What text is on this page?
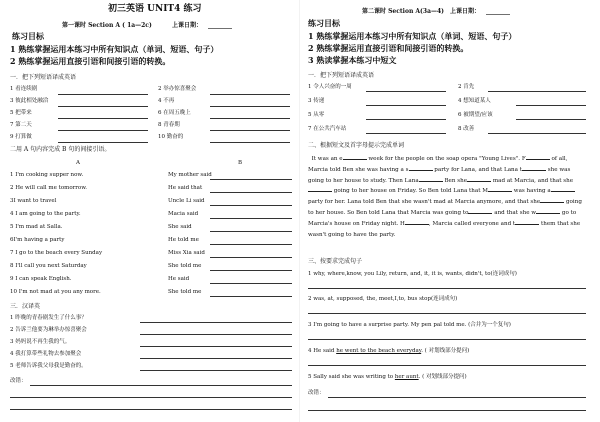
初三英语 UNIT4 练习
第一课时 Section A ( 1a—2c)	上课日期： ________
练习目标
1 熟练掌握运用本练习中所有知识点（单词、短语、句子）
2 熟练掌握运用直接引语和间接引语的转换。
一．把下列短语译成英语
1 看连续剧	2 举办惊喜聚会
3 彼此相处融洽	4 不再
5 把带来	6 在周五晚上
7 第二天	8 青春期
9 打算做	10 勤奋的
二用 A 句内容完成 B 句的间接引语。
A	B
1 I'm cooking supper now.	My mother said
2 He will call me tomorrow.	He said that
3I want to travel	Uncle Li said
4 I am going to the party.	Macia said
5 I'm mad at Salla.	She said
6I'm having a party	He told me
7 I go to the beach every Sunday	Miss Xia said
8 I'll call you next Saturday	She told me
9 I can speak English.	He said
10 I'm not mad at you any more.	She told me
三．汉译英
1 昨晚的青春剧发生了什么事？
2 告诉兰他要为琳举办惊喜聚会
3 妈妈说不再生我的气。
4 我打算带些礼物去参加聚会
5 老师告诉我父母我是勤奋的。
改错：
第二课时 Section A(3a—4) 上课日期： ________
练习目标
1 熟练掌握运用本练习中所有知识点（单词、短语、句子）
2 熟练掌握运用直接引语和间接引语的转换。
3 熟读掌握本练习中短文
一．把下列短语译成英语
1 令人兴奋的一周	2 肯先
3 传递	4 想知道某人
5 从零	6 被期望/应该
7 在公共汽车站	8 改善
二、根据短文及首字母提示完成单词
It was an e	week for the people on the soap opera "Young Lives". F	of all, Marcia told Ben she was having a s	party for Lana, and that Lana t	she was going to her house to study. Then Lana	Ben she	mad at Marcia, and that she going to her house on Friday. So Ben told Lana that M	was having a party for her. Lana told Ben that she wasn't mad at Marcia anymore, and that she	going to her house. So Ben told Lana that Marcia was going to	and that she w	go to Marcia's house on Friday night. H	, Marcia called everyone and t	them that she wasn't going to have the party.
三、按要求完成句子
1 why, where,know, you Lily, return, and, it, it is, wants, didn't, to(连词成句)
2 was, at, supposed, the, meet,I,to, bus stop(连词成句)
3 I'm going to have a surprise party. My pen pal told me. (合并为一个复句)
4 He said he went to the beach everyday. ( 对划线部分提问)
5 Sally said she was writing to her aunt. ( 对划线部分提问)
改错：
